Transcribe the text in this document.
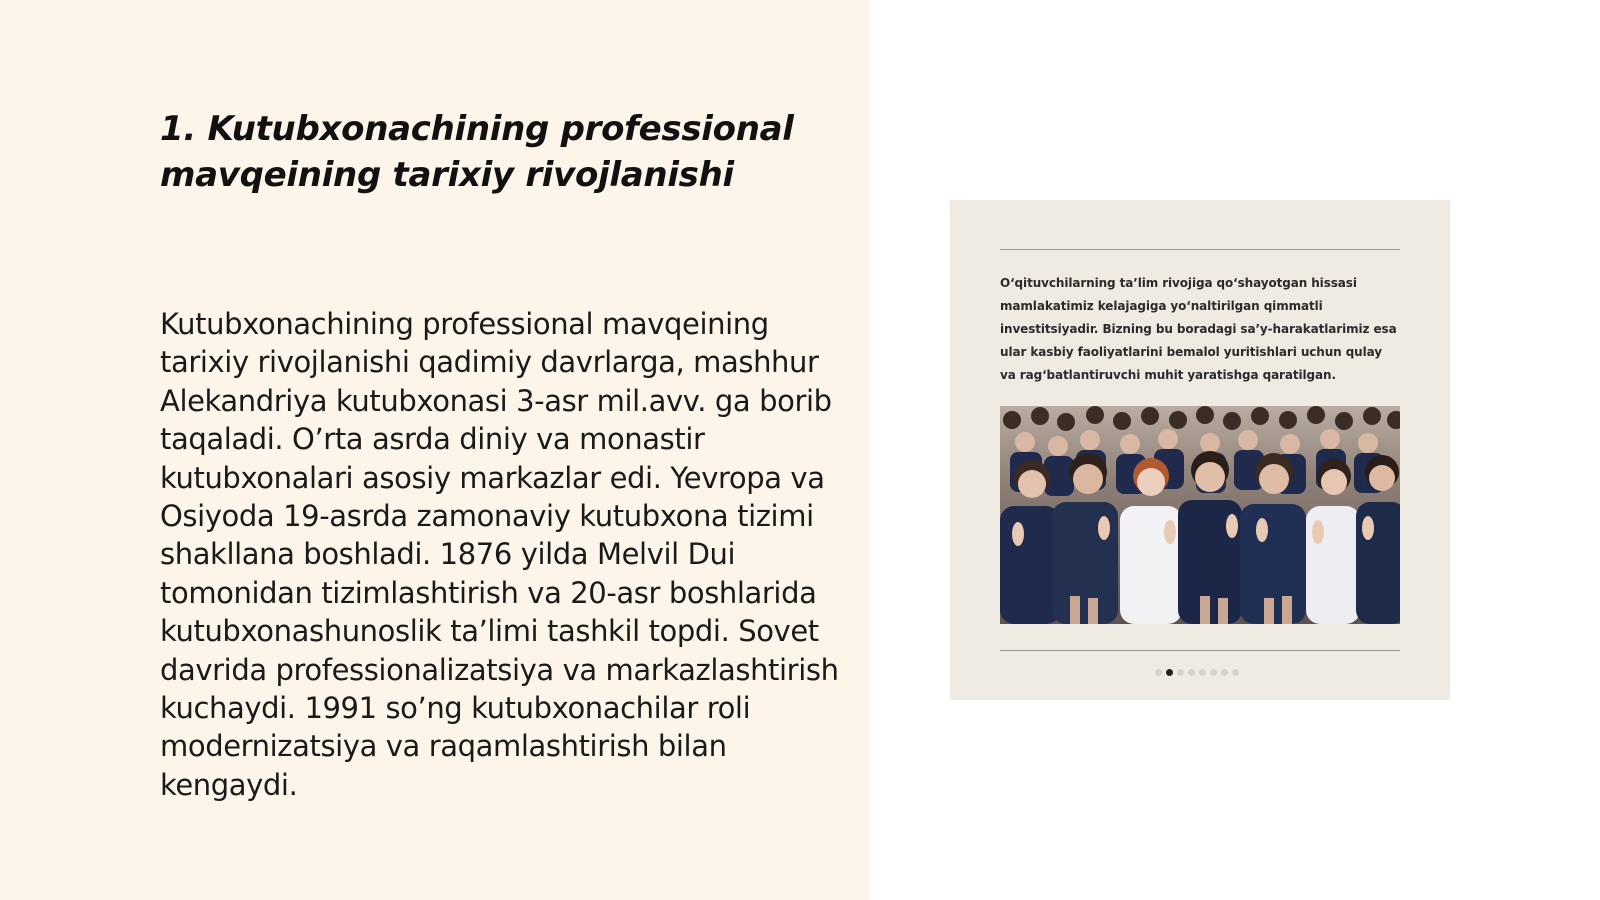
1. Kutubxonachining professional mavqeining tarixiy rivojlanishi

Kutubxonachining professional mavqeining tarixiy rivojlanishi qadimiy davrlarga, mashhur Alekandriya kutubxonasi 3-asr mil.avv. ga borib taqaladi. O’rta asrda diniy va monastir kutubxonalari asosiy markazlar edi. Yevropa va Osiyoda 19-asrda zamonaviy kutubxona tizimi shakllana boshladi. 1876 yilda Melvil Dui tomonidan tizimlashtirish va 20-asr boshlarida kutubxonashunoslik ta’limi tashkil topdi. Sovet davrida professionalizatsiya va markazlashtirish kuchaydi. 1991 so’ng kutubxonachilar roli modernizatsiya va raqamlashtirish bilan kengaydi.

O‘qituvchilarning ta’lim rivojiga qo‘shayotgan hissasi mamlakatimiz kelajagiga yo‘naltirilgan qimmatli investitsiyadir. Bizning bu boradagi sa’y-harakatlarimiz esa ular kasbiy faoliyatlarini bemalol yuritishlari uchun qulay va rag‘batlantiruvchi muhit yaratishga qaratilgan.
